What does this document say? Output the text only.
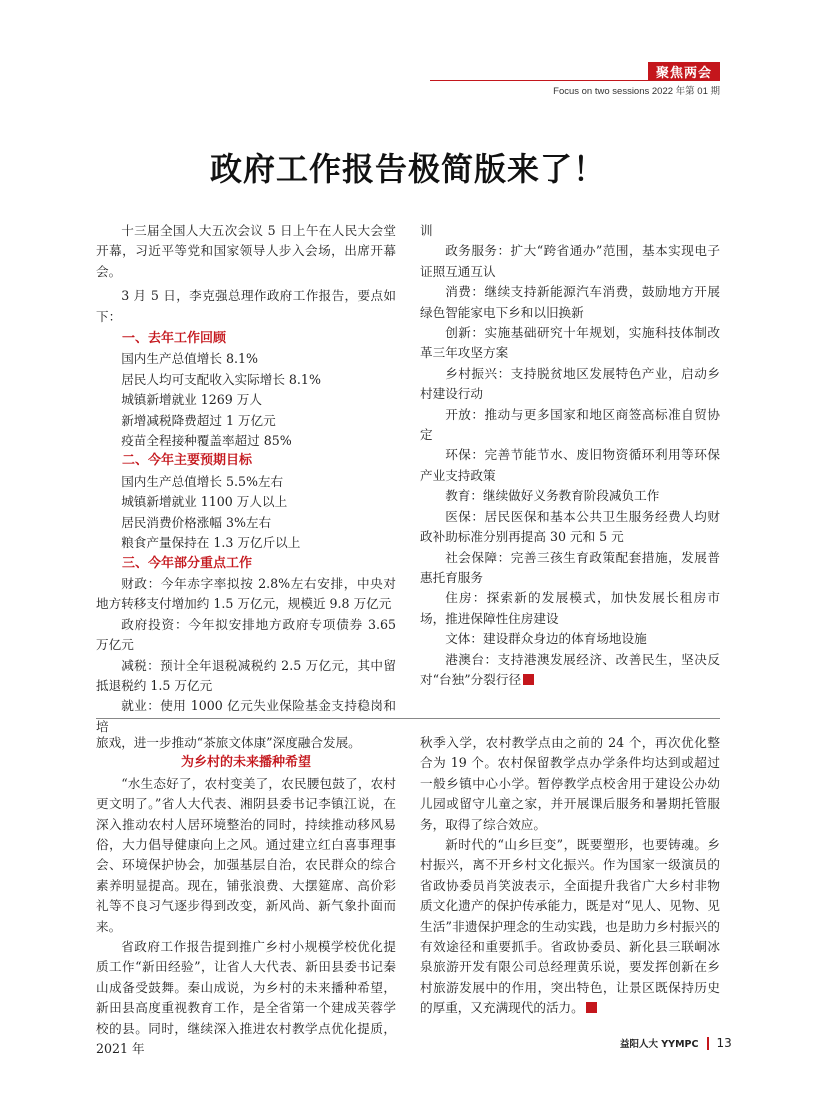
聚焦两会
Focus on two sessions 2022 年第 01 期
政府工作报告极简版来了！

十三届全国人大五次会议 5 日上午在人民大会堂开幕，习近平等党和国家领导人步入会场，出席开幕会。

3 月 5 日，李克强总理作政府工作报告，要点如下：

一、去年工作回顾

国内生产总值增长 8.1%

居民人均可支配收入实际增长 8.1%

城镇新增就业 1269 万人

新增减税降费超过 1 万亿元

疫苗全程接种覆盖率超过 85%

二、今年主要预期目标

国内生产总值增长 5.5%左右

城镇新增就业 1100 万人以上

居民消费价格涨幅 3%左右

粮食产量保持在 1.3 万亿斤以上

三、今年部分重点工作

财政：今年赤字率拟按 2.8%左右安排，中央对地方转移支付增加约 1.5 万亿元，规模近 9.8 万亿元

政府投资：今年拟安排地方政府专项债券 3.65 万亿元

减税：预计全年退税减税约 2.5 万亿元，其中留抵退税约 1.5 万亿元

就业：使用 1000 亿元失业保险基金支持稳岗和培

训

政务服务：扩大“跨省通办”范围，基本实现电子证照互通互认

消费：继续支持新能源汽车消费，鼓励地方开展绿色智能家电下乡和以旧换新

创新：实施基础研究十年规划，实施科技体制改革三年攻坚方案

乡村振兴：支持脱贫地区发展特色产业，启动乡村建设行动

开放：推动与更多国家和地区商签高标准自贸协定

环保：完善节能节水、废旧物资循环利用等环保产业支持政策

教育：继续做好义务教育阶段减负工作

医保：居民医保和基本公共卫生服务经费人均财政补助标准分别再提高 30 元和 5 元

社会保障：完善三孩生育政策配套措施，发展普惠托育服务

住房：探索新的发展模式，加快发展长租房市场，推进保障性住房建设

文体：建设群众身边的体育场地设施

港澳台：支持港澳发展经济、改善民生，坚决反对“台独”分裂行径

旅戏，进一步推动“茶旅文体康”深度融合发展。

为乡村的未来播种希望

“水生态好了，农村变美了，农民腰包鼓了，农村更文明了。”省人大代表、湘阴县委书记李镇江说，在深入推动农村人居环境整治的同时，持续推动移风易俗，大力倡导健康向上之风。通过建立红白喜事理事会、环境保护协会，加强基层自治，农民群众的综合素养明显提高。现在，铺张浪费、大摆筵席、高价彩礼等不良习气逐步得到改变，新风尚、新气象扑面而来。

省政府工作报告提到推广乡村小规模学校优化提质工作“新田经验”，让省人大代表、新田县委书记秦山成备受鼓舞。秦山成说，为乡村的未来播种希望，新田县高度重视教育工作，是全省第一个建成芙蓉学校的县。同时，继续深入推进农村教学点优化提质，2021 年

秋季入学，农村教学点由之前的 24 个，再次优化整合为 19 个。农村保留教学点办学条件均达到或超过一般乡镇中心小学。暂停教学点校舍用于建设公办幼儿园或留守儿童之家，并开展课后服务和暑期托管服务，取得了综合效应。

新时代的“山乡巨变”，既要塑形，也要铸魂。乡村振兴，离不开乡村文化振兴。作为国家一级演员的省政协委员肖笑波表示，全面提升我省广大乡村非物质文化遗产的保护传承能力，既是对“见人、见物、见生活”非遗保护理念的生动实践，也是助力乡村振兴的有效途径和重要抓手。省政协委员、新化县三联峒冰泉旅游开发有限公司总经理黄乐说，要发挥创新在乡村旅游发展中的作用，突出特色，让景区既保持历史的厚重，又充满现代的活力。

益阳人大 YYMPC 13
